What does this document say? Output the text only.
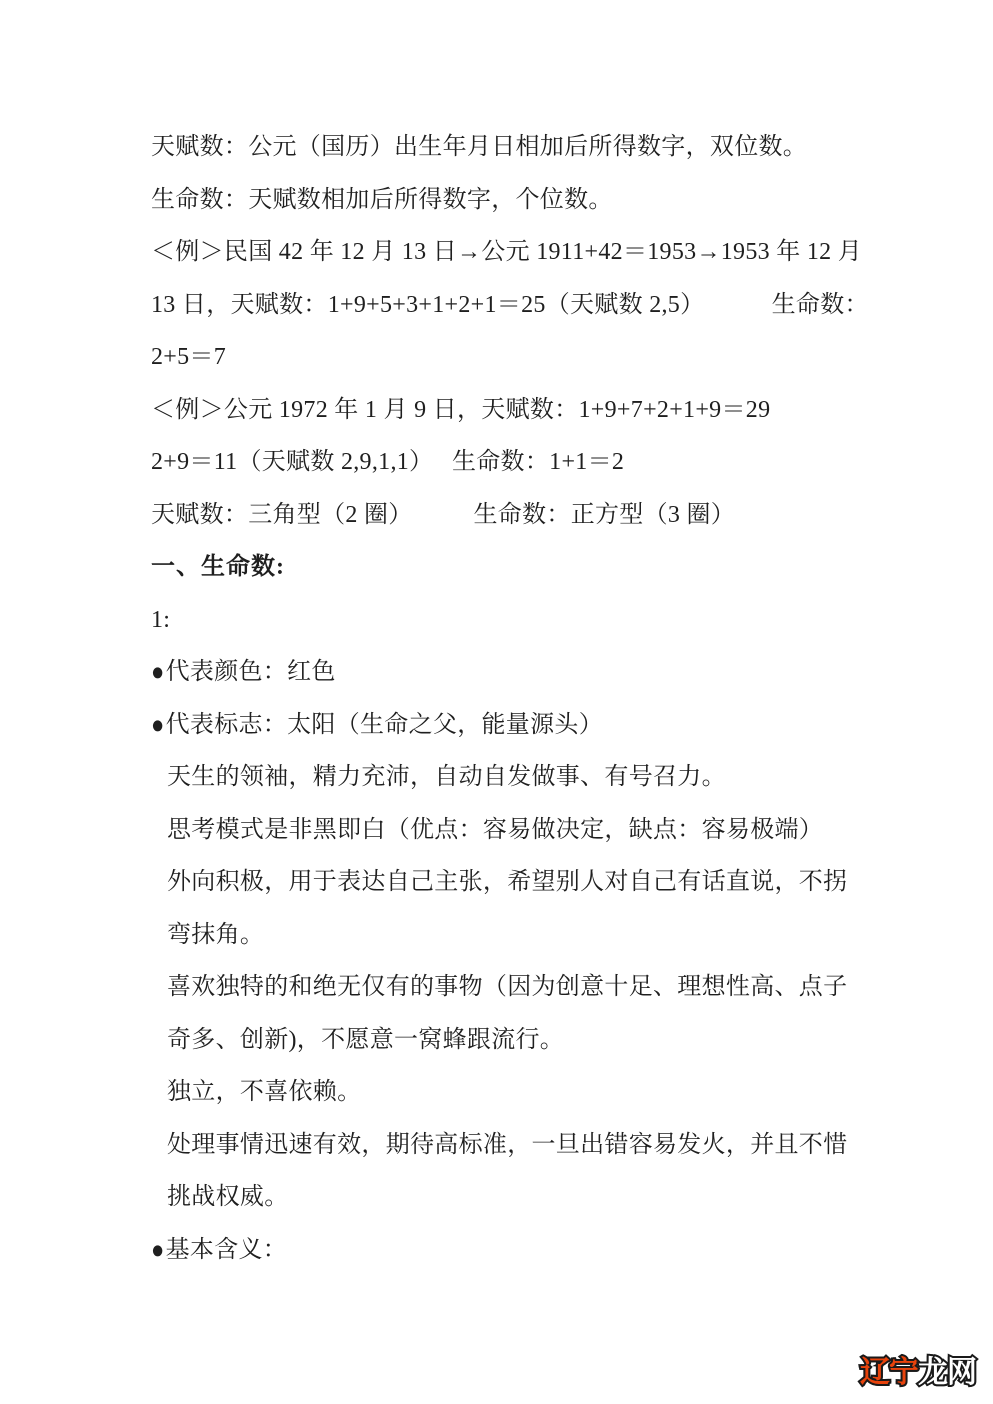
天赋数：公元（国历）出生年月日相加后所得数字，双位数。
生命数：天赋数相加后所得数字，个位数。
＜例＞民国 42 年 12 月 13 日→公元 1911+42＝1953→1953 年 12 月
13 日，天赋数：1+9+5+3+1+2+1＝25（天赋数 2,5）　　　 生命数：
2+5＝7
＜例＞公元 1972 年 1 月 9 日，天赋数：1+9+7+2+1+9＝29
2+9＝11（天赋数 2,9,1,1）　 生命数：1+1＝2
天赋数：三角型（2 圈）　　　生命数：正方型（3 圈）
一、生命数:
1:
●代表颜色：红色
●代表标志：太阳（生命之父，能量源头）
天生的领袖，精力充沛，自动自发做事、有号召力。
思考模式是非黑即白（优点：容易做决定，缺点：容易极端）
外向积极，用于表达自己主张，希望别人对自己有话直说，不拐
弯抹角。
喜欢独特的和绝无仅有的事物（因为创意十足、理想性高、点子
奇多、创新)，不愿意一窝蜂跟流行。
独立，不喜依赖。
处理事情迅速有效，期待高标准，一旦出错容易发火，并且不惜
挑战权威。
●基本含义：
辽宁龙网
